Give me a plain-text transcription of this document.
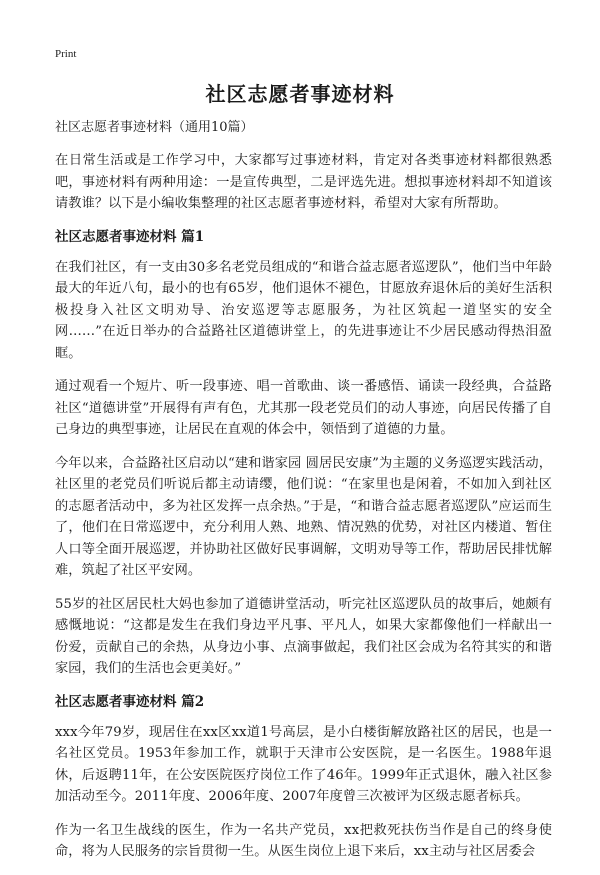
Print
社区志愿者事迹材料
社区志愿者事迹材料（通用10篇）

在日常生活或是工作学习中，大家都写过事迹材料，肯定对各类事迹材料都很熟悉吧，事迹材料有两种用途：一是宣传典型，二是评选先进。想拟事迹材料却不知道该请教谁？以下是小编收集整理的社区志愿者事迹材料，希望对大家有所帮助。

社区志愿者事迹材料 篇1

在我们社区，有一支由30多名老党员组成的“和谐合益志愿者巡逻队”，他们当中年龄最大的年近八旬，最小的也有65岁，他们退休不褪色，甘愿放弃退休后的美好生活积极投身入社区文明劝导、治安巡逻等志愿服务，为社区筑起一道坚实的安全网……”在近日举办的合益路社区道德讲堂上，的先进事迹让不少居民感动得热泪盈眶。

通过观看一个短片、听一段事迹、唱一首歌曲、谈一番感悟、诵读一段经典，合益路社区“道德讲堂”开展得有声有色，尤其那一段老党员们的动人事迹，向居民传播了自己身边的典型事迹，让居民在直观的体会中，领悟到了道德的力量。

今年以来，合益路社区启动以“建和谐家园 圆居民安康”为主题的义务巡逻实践活动，社区里的老党员们听说后都主动请缨，他们说：“在家里也是闲着，不如加入到社区的志愿者活动中，多为社区发挥一点余热。”于是，“和谐合益志愿者巡逻队”应运而生了，他们在日常巡逻中，充分利用人熟、地熟、情况熟的优势，对社区内楼道、暂住人口等全面开展巡逻，并协助社区做好民事调解，文明劝导等工作，帮助居民排忧解难，筑起了社区平安网。

55岁的社区居民杜大妈也参加了道德讲堂活动，听完社区巡逻队员的故事后，她颇有感慨地说：“这都是发生在我们身边平凡事、平凡人，如果大家都像他们一样献出一份爱，贡献自己的余热，从身边小事、点滴事做起，我们社区会成为名符其实的和谐家园，我们的生活也会更美好。”

社区志愿者事迹材料 篇2

xxx今年79岁，现居住在xx区xx道1号高层，是小白楼街解放路社区的居民，也是一名社区党员。1953年参加工作，就职于天津市公安医院，是一名医生。1988年退休，后返聘11年，在公安医院医疗岗位工作了46年。1999年正式退休，融入社区参加活动至今。2011年度、2006年度、2007年度曾三次被评为区级志愿者标兵。

作为一名卫生战线的医生，作为一名共产党员，xx把救死扶伤当作是自己的终身使命，将为人民服务的宗旨贯彻一生。从医生岗位上退下来后，xx主动与社区居委会
